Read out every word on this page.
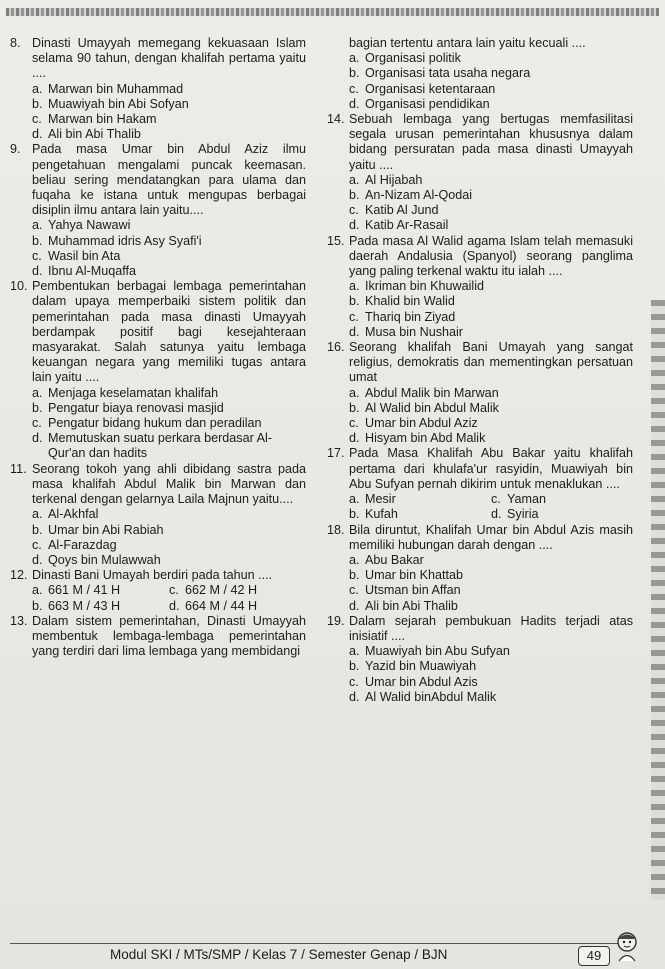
8. Dinasti Umayyah memegang kekuasaan Islam selama 90 tahun, dengan khalifah pertama yaitu ....
a. Marwan bin Muhammad
b. Muawiyah bin Abi Sofyan
c. Marwan bin Hakam
d. Ali bin Abi Thalib
9. Pada masa Umar bin Abdul Aziz ilmu pengetahuan mengalami puncak keemasan. beliau sering mendatangkan para ulama dan fuqaha ke istana untuk mengupas berbagai disiplin ilmu antara lain yaitu....
a. Yahya Nawawi
b. Muhammad idris Asy Syafi'i
c. Wasil bin Ata
d. Ibnu Al-Muqaffa
10. Pembentukan berbagai lembaga pemerintahan dalam upaya memperbaiki sistem politik dan pemerintahan pada masa dinasti Umayyah berdampak positif bagi kesejahteraan masyarakat. Salah satunya yaitu lembaga keuangan negara yang memiliki tugas antara lain yaitu ....
a. Menjaga keselamatan khalifah
b. Pengatur biaya renovasi masjid
c. Pengatur bidang hukum dan peradilan
d. Memutuskan suatu perkara berdasar Al-Qur'an dan hadits
11. Seorang tokoh yang ahli dibidang sastra pada masa khalifah Abdul Malik bin Marwan dan terkenal dengan gelarnya Laila Majnun yaitu....
a. Al-Akhfal
b. Umar bin Abi Rabiah
c. Al-Farazdag
d. Qoys bin Mulawwah
12. Dinasti Bani Umayah berdiri pada tahun ....
a. 661 M / 41 H	c. 662 M / 42 H
b. 663 M / 43 H	d. 664 M / 44 H
13. Dalam sistem pemerintahan, Dinasti Umayyah membentuk lembaga-lembaga pemerintahan yang terdiri dari lima lembaga yang membidangi
bagian tertentu antara lain yaitu kecuali ....
a. Organisasi politik
b. Organisasi tata usaha negara
c. Organisasi ketentaraan
d. Organisasi pendidikan
14. Sebuah lembaga yang bertugas memfasilitasi segala urusan pemerintahan khususnya dalam bidang persuratan pada masa dinasti Umayyah yaitu ....
a. Al Hijabah
b. An-Nizam Al-Qodai
c. Katib Al Jund
d. Katib Ar-Rasail
15. Pada masa Al Walid agama Islam telah memasuki daerah Andalusia (Spanyol) seorang panglima yang paling terkenal waktu itu ialah ....
a. Ikriman bin Khuwailid
b. Khalid bin Walid
c. Thariq bin Ziyad
d. Musa bin Nushair
16. Seorang khalifah Bani Umayah yang sangat religius, demokratis dan mementingkan persatuan umat
a. Abdul Malik bin Marwan
b. Al Walid bin Abdul Malik
c. Umar bin Abdul Aziz
d. Hisyam bin Abd Malik
17. Pada Masa Khalifah Abu Bakar yaitu khalifah pertama dari khulafa'ur rasyidin, Muawiyah bin Abu Sufyan pernah dikirim untuk menaklukan ....
a. Mesir	c. Yaman
b. Kufah	d. Syiria
18. Bila diruntut, Khalifah Umar bin Abdul Azis masih memiliki hubungan darah dengan ....
a. Abu Bakar
b. Umar bin Khattab
c. Utsman bin Affan
d. Ali bin Abi Thalib
19. Dalam sejarah pembukuan Hadits terjadi atas inisiatif ....
a. Muawiyah bin Abu Sufyan
b. Yazid bin Muawiyah
c. Umar bin Abdul Azis
d. Al Walid binAbdul Malik
Modul SKI / MTs/SMP / Kelas 7 / Semester Genap / BJN	49
